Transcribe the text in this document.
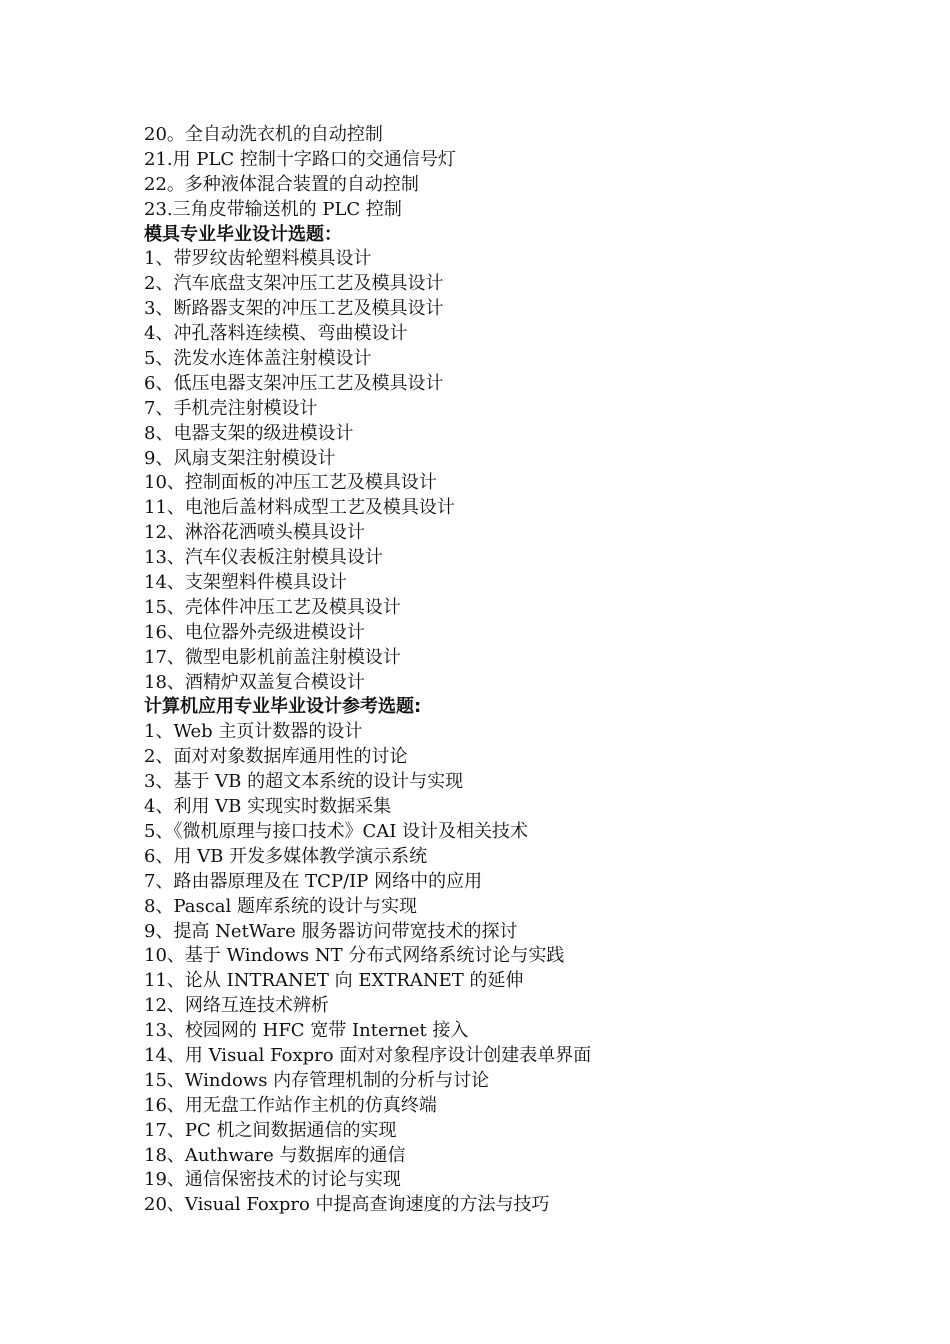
20。全自动洗衣机的自动控制
21.用 PLC 控制十字路口的交通信号灯
22。多种液体混合装置的自动控制
23.三角皮带输送机的 PLC 控制
模具专业毕业设计选题：
1、带罗纹齿轮塑料模具设计
2、汽车底盘支架冲压工艺及模具设计
3、断路器支架的冲压工艺及模具设计
4、冲孔落料连续模、弯曲模设计
5、洗发水连体盖注射模设计
6、低压电器支架冲压工艺及模具设计
7、手机壳注射模设计
8、电器支架的级进模设计
9、风扇支架注射模设计
10、控制面板的冲压工艺及模具设计
11、电池后盖材料成型工艺及模具设计
12、淋浴花洒喷头模具设计
13、汽车仪表板注射模具设计
14、支架塑料件模具设计
15、壳体件冲压工艺及模具设计
16、电位器外壳级进模设计
17、微型电影机前盖注射模设计
18、酒精炉双盖复合模设计
计算机应用专业毕业设计参考选题:
1、Web 主页计数器的设计
2、面对对象数据库通用性的讨论
3、基于 VB 的超文本系统的设计与实现
4、利用 VB 实现实时数据采集
5、《微机原理与接口技术》CAI 设计及相关技术
6、用 VB 开发多媒体教学演示系统
7、路由器原理及在 TCP/IP 网络中的应用
8、Pascal 题库系统的设计与实现
9、提高 NetWare 服务器访问带宽技术的探讨
10、基于 Windows NT 分布式网络系统讨论与实践
11、论从 INTRANET 向 EXTRANET 的延伸
12、网络互连技术辨析
13、校园网的 HFC 宽带 Internet 接入
14、用 Visual Foxpro 面对对象程序设计创建表单界面
15、Windows 内存管理机制的分析与讨论
16、用无盘工作站作主机的仿真终端
17、PC 机之间数据通信的实现
18、Authware 与数据库的通信
19、通信保密技术的讨论与实现
20、Visual Foxpro 中提高查询速度的方法与技巧
